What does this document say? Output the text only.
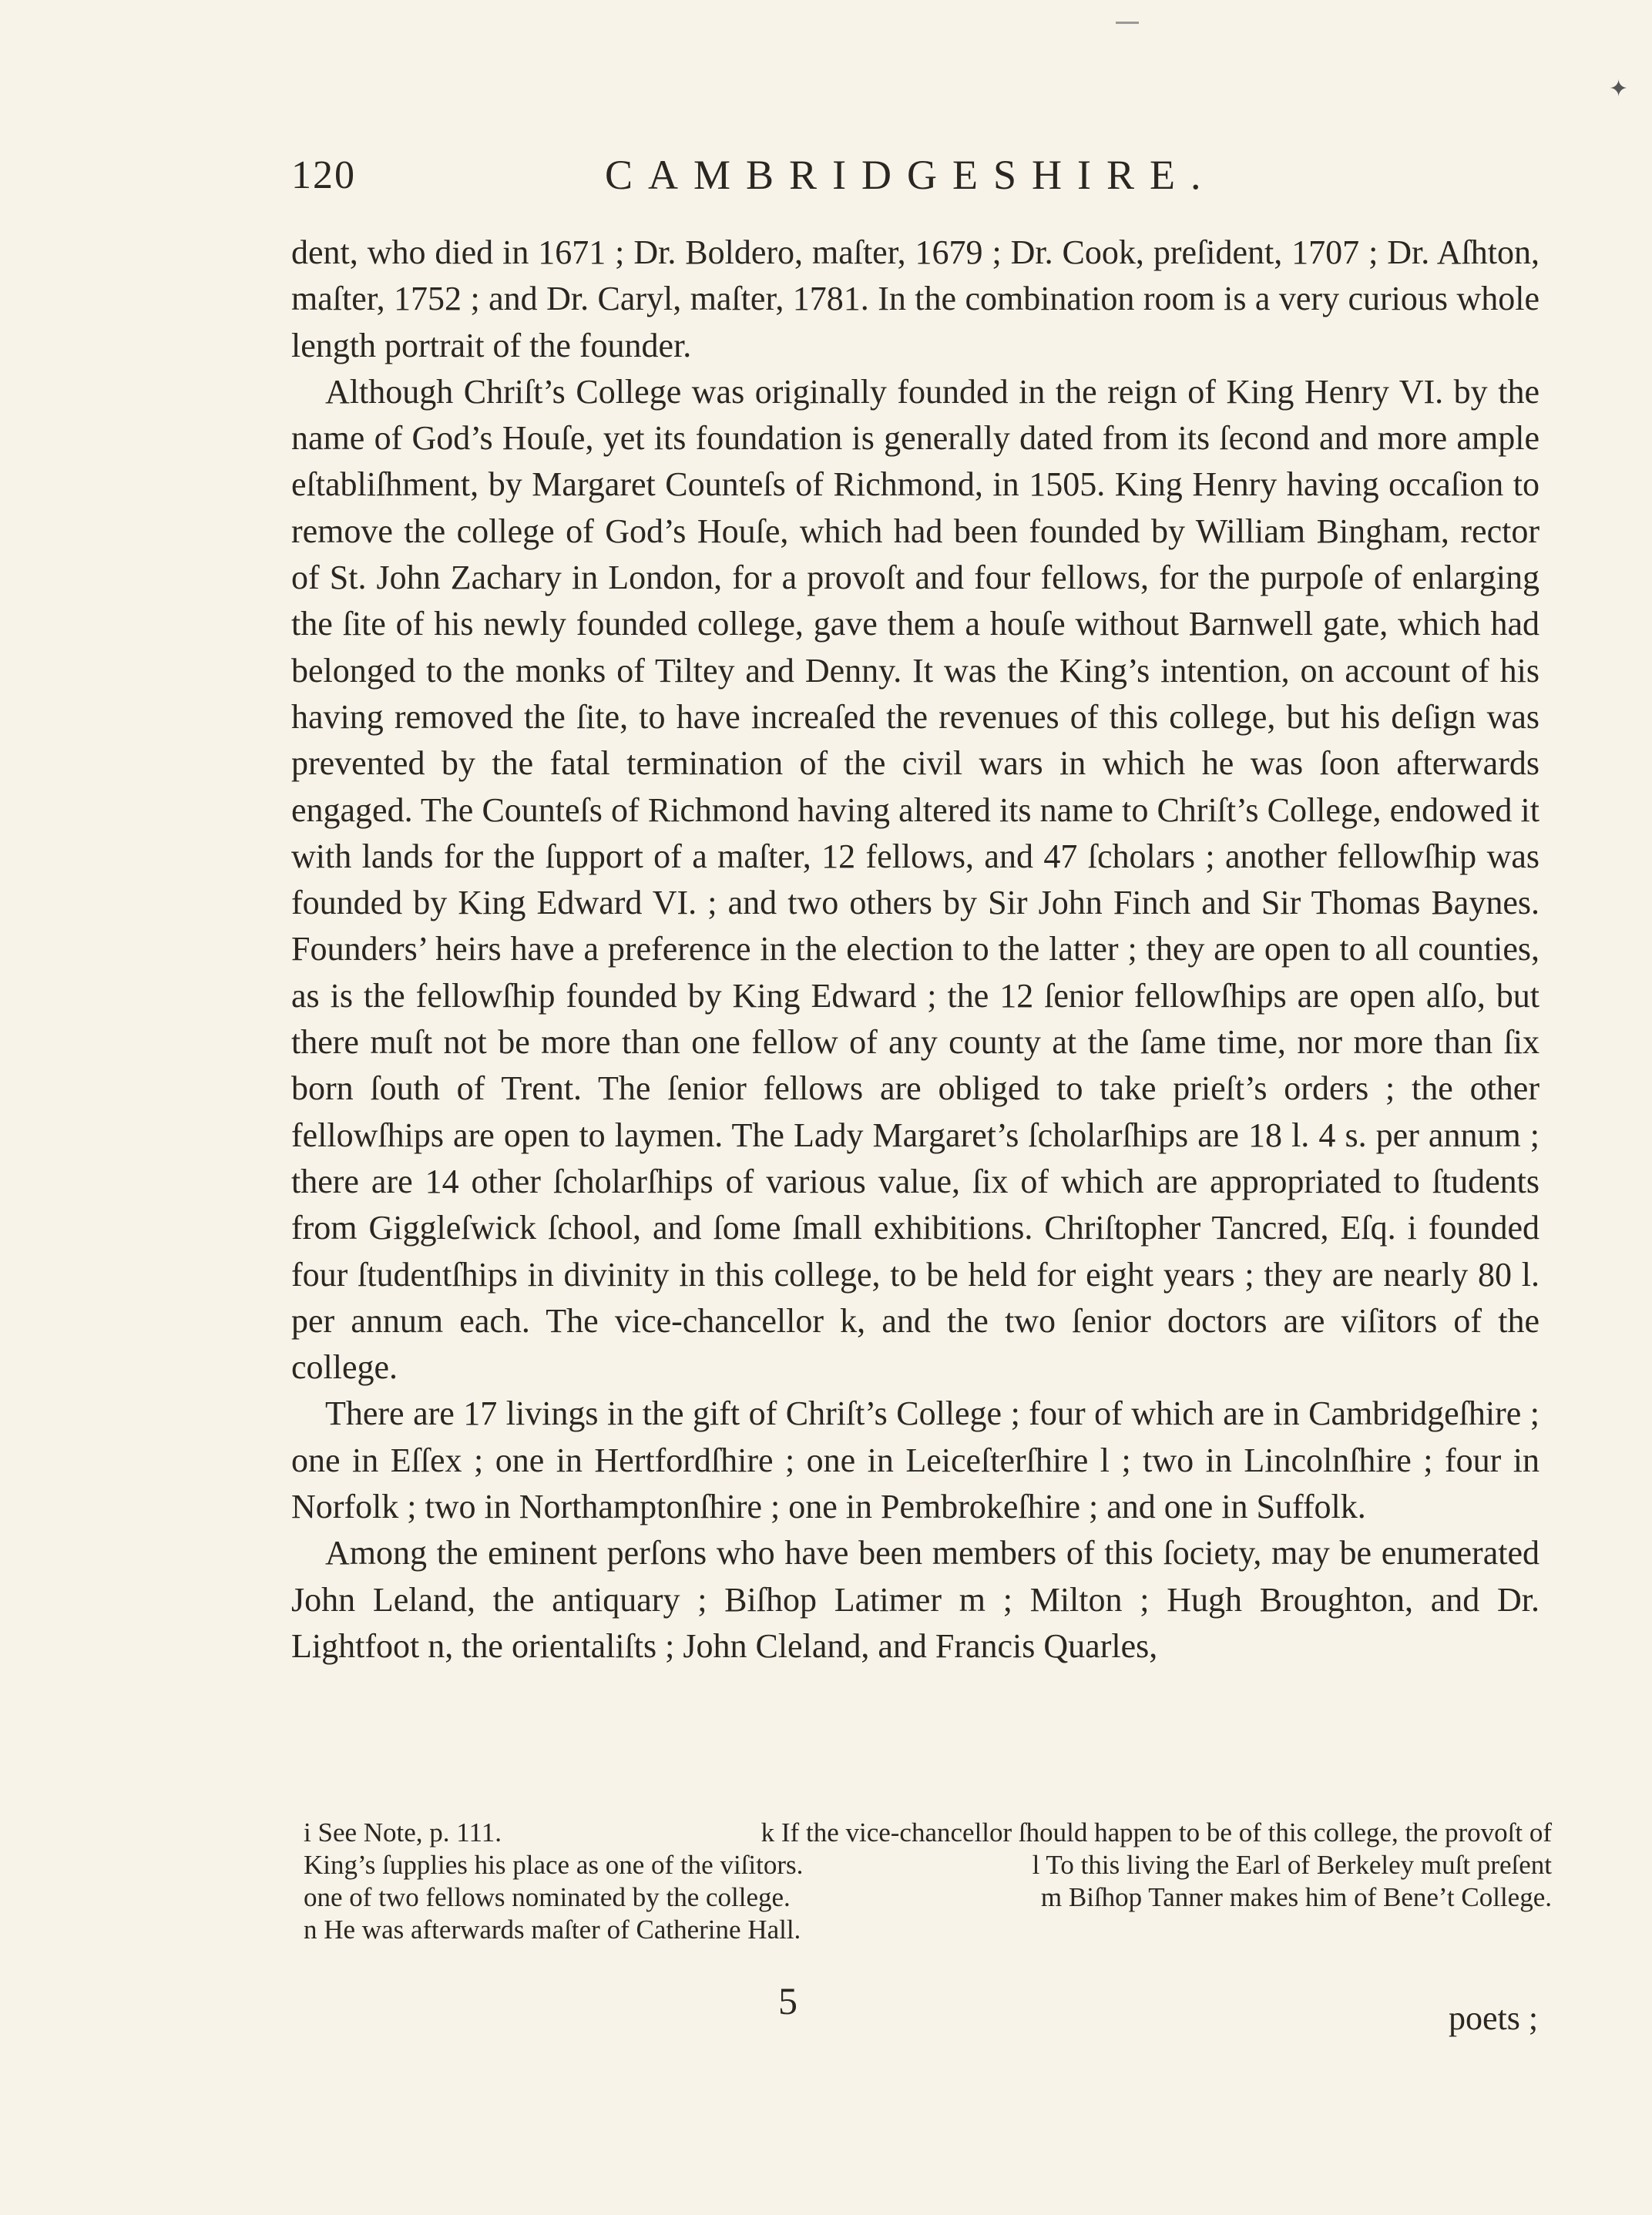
✦
120	CAMBRIDGESHIRE.

dent, who died in 1671 ; Dr. Boldero, maſter, 1679 ; Dr. Cook, preſident, 1707 ; Dr. Aſhton, maſter, 1752 ; and Dr. Caryl, maſter, 1781. In the combination room is a very curious whole length portrait of the founder.

Although Chriſt’s College was originally founded in the reign of King Henry VI. by the name of God’s Houſe, yet its foundation is generally dated from its ſecond and more ample eſtabliſhment, by Margaret Counteſs of Richmond, in 1505. King Henry having occaſion to remove the college of God’s Houſe, which had been founded by William Bingham, rector of St. John Zachary in London, for a provoſt and four fellows, for the purpoſe of enlarging the ſite of his newly founded college, gave them a houſe without Barnwell gate, which had belonged to the monks of Tiltey and Denny. It was the King’s intention, on account of his having removed the ſite, to have increaſed the revenues of this college, but his deſign was prevented by the fatal termination of the civil wars in which he was ſoon afterwards engaged. The Counteſs of Richmond having altered its name to Chriſt’s College, endowed it with lands for the ſupport of a maſter, 12 fellows, and 47 ſcholars ; another fellowſhip was founded by King Edward VI. ; and two others by Sir John Finch and Sir Thomas Baynes. Founders’ heirs have a preference in the election to the latter ; they are open to all counties, as is the fellowſhip founded by King Edward ; the 12 ſenior fellowſhips are open alſo, but there muſt not be more than one fellow of any county at the ſame time, nor more than ſix born ſouth of Trent. The ſenior fellows are obliged to take prieſt’s orders ; the other fellowſhips are open to laymen. The Lady Margaret’s ſcholarſhips are 18 l. 4 s. per annum ; there are 14 other ſcholarſhips of various value, ſix of which are appropriated to ſtudents from Giggleſwick ſchool, and ſome ſmall exhibitions. Chriſtopher Tancred, Eſq. i founded four ſtudentſhips in divinity in this college, to be held for eight years ; they are nearly 80 l. per annum each. The vice-chancellor k, and the two ſenior doctors are viſitors of the college.

There are 17 livings in the gift of Chriſt’s College ; four of which are in Cambridgeſhire ; one in Eſſex ; one in Hertfordſhire ; one in Leiceſterſhire l ; two in Lincolnſhire ; four in Norfolk ; two in Northamptonſhire ; one in Pembrokeſhire ; and one in Suffolk.

Among the eminent perſons who have been members of this ſociety, may be enumerated John Leland, the antiquary ; Biſhop Latimer m ; Milton ; Hugh Broughton, and Dr. Lightfoot n, the orientaliſts ; John Cleland, and Francis Quarles,

i See Note, p. 111.	k If the vice-chancellor ſhould happen to be of this college, the provoſt of
King’s ſupplies his place as one of the viſitors.	l To this living the Earl of Berkeley muſt preſent
one of two fellows nominated by the college.	m Biſhop Tanner makes him of Bene’t College.
n He was afterwards maſter of Catherine Hall.
5	poets ;
